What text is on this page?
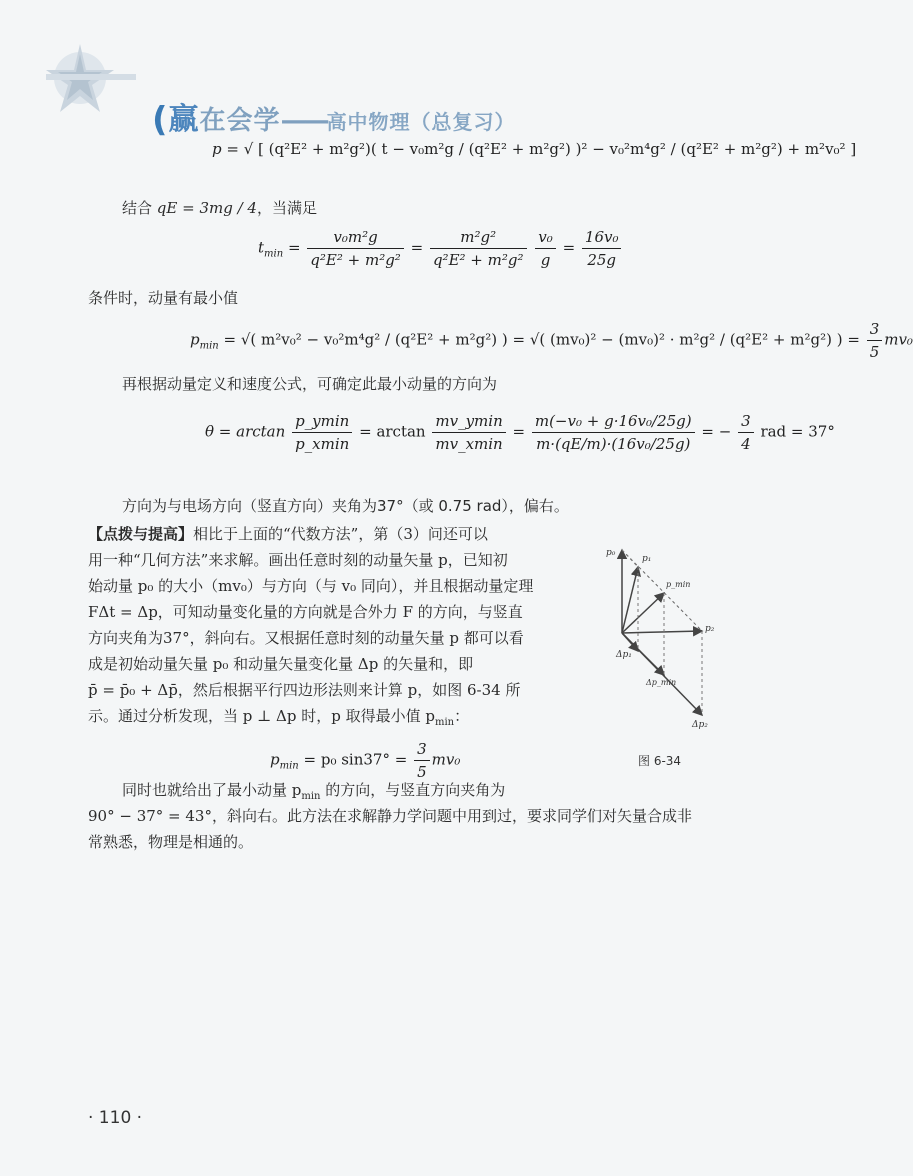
(赢在会学——高中物理（总复习）
p = √ [ (q²E² + m²g²)( t − v₀m²g / (q²E² + m²g²) )² − v₀²m⁴g² / (q²E² + m²g²) + m²v₀² ]
结合 qE = 3mg / 4，当满足
$t_{min} = \frac{\text{v₀m²g}}{\text{q²E² + m²g²}} = \frac{\text{m²g²}}{\text{q²E² + m²g²}}$
$\frac{\text{v₀}}{g} = \frac{\text{16v₀}}{25g}$
条件时，动量有最小值
$p_{min}$ = √( m²v₀² − v₀²m⁴g² / (q²E² + m²g²) ) = √( (mv₀)² − (mv₀)² · m²g² / (q²E² + m²g²) ) = $\frac{3}{5} mv_0$
再根据动量定义和速度公式，可确定此最小动量的方向为
$\theta = \arctan \frac{p\_ymin}{p\_xmin} = \arctan \frac{mv\_ymin}{mv\_xmin} = \frac{\text{m(−v₀ + g·16v₀/25g)}}{\text{m·(qE/m)·(16v₀/25g)}}$ = − $\frac{3}{4}$ rad = 37°
方向为与电场方向（竖直方向）夹角为37°（或 0.75 rad），偏右。
【点拨与提高】相比于上面的“代数方法”，第（3）问还可以
用一种“几何方法”来求解。画出任意时刻的动量矢量 p，已知初
始动量 p₀ 的大小（mv₀）与方向（与 v₀ 同向），并且根据动量定理
FΔt = Δp，可知动量变化量的方向就是合外力 F 的方向，与竖直
方向夹角为37°，斜向右。又根据任意时刻的动量矢量 p 都可以看
成是初始动量矢量 p₀ 和动量矢量变化量 Δp 的矢量和，即
p̄ = p̄₀ + Δp̄，然后根据平行四边形法则来计算 p，如图 6-34 所
示。通过分析发现，当 p ⊥ Δp 时，p 取得最小值 $p_{min}$：
$p_{min} = p_0$ $\sin 37^\circ = \frac{3}{5} mv_0$
同时也就给出了最小动量 $p_{min}$ 的方向，与竖直方向夹角为
90° − 37° = 43°，斜向右。此方法在求解静力学问题中用到过，要求同学们对矢量合成非
常熟悉，物理是相通的。
p₀
p₁
p_min
p₂
Δp₁
Δp_min
Δp₂
图 6-34
· 110 ·
